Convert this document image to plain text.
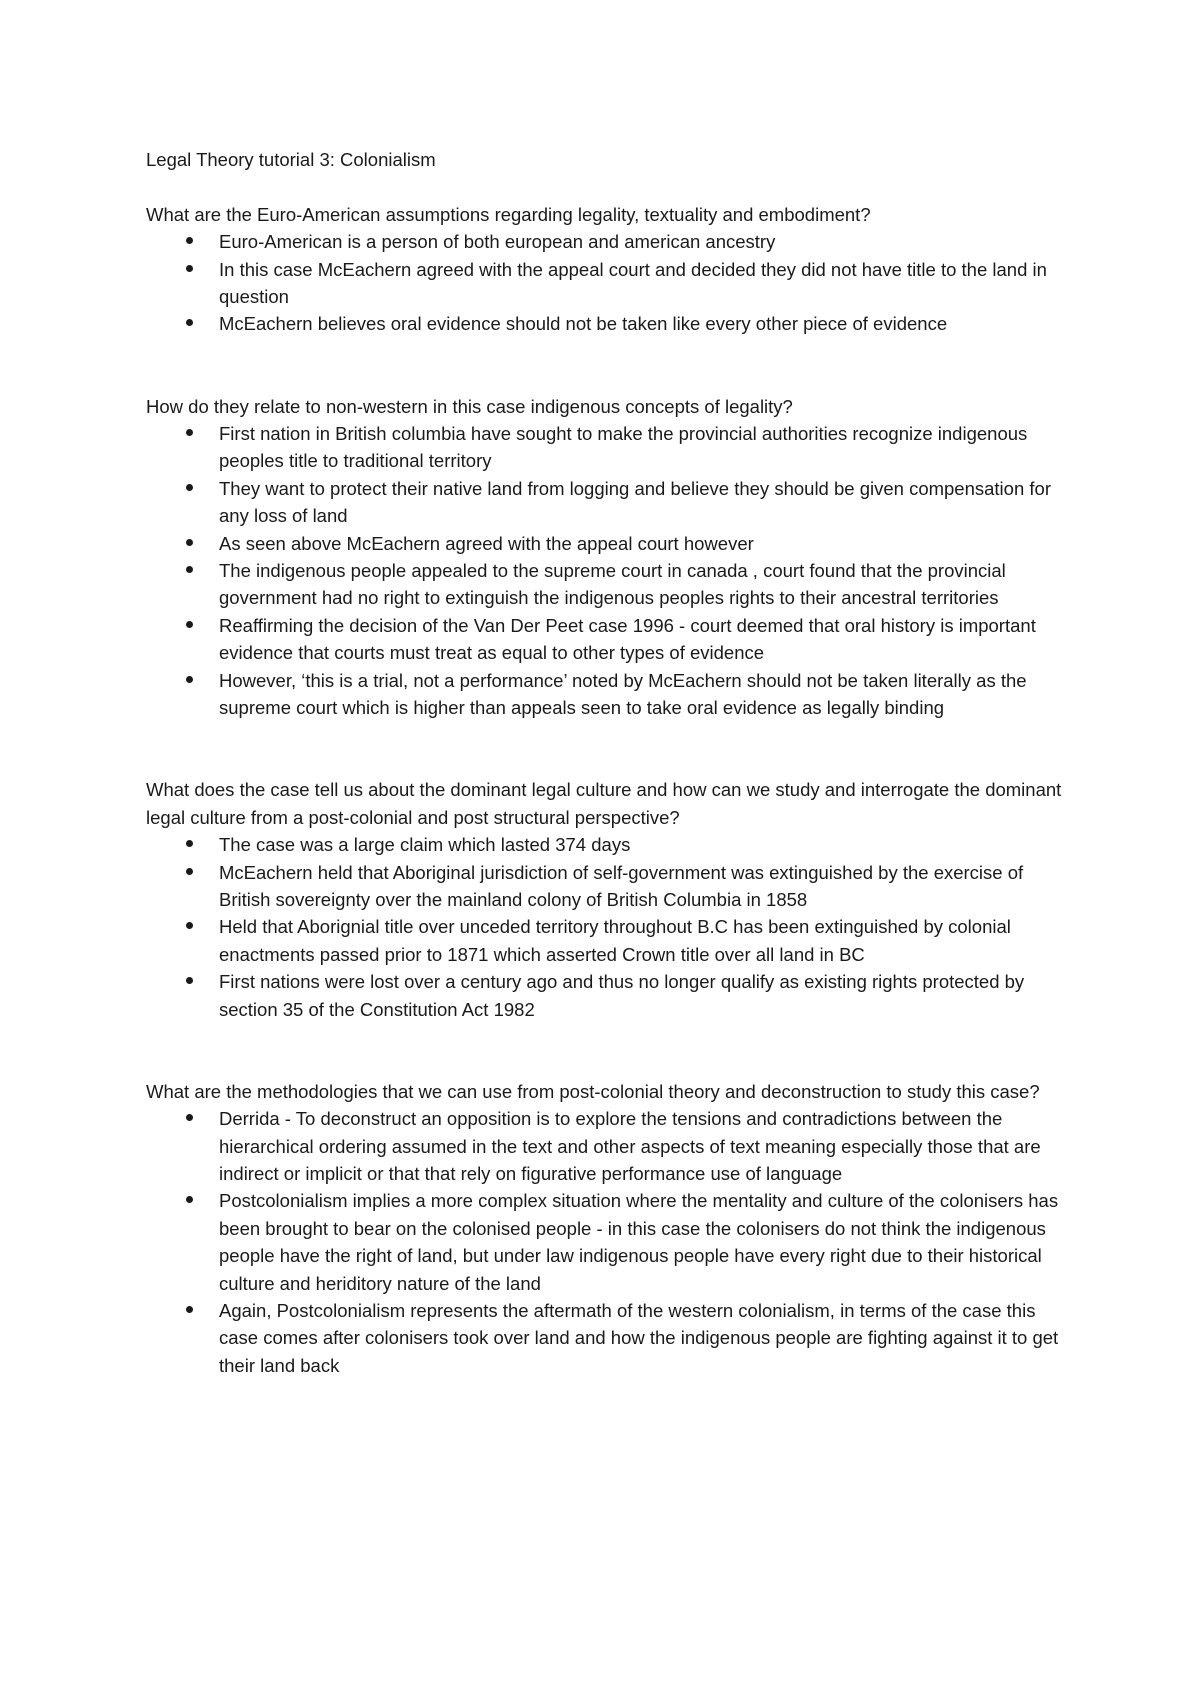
Legal Theory tutorial 3: Colonialism

What are the Euro-American assumptions regarding legality, textuality and embodiment?

Euro-American is a person of both european and american ancestry
In this case McEachern agreed with the appeal court and decided they did not have title to the land in question
McEachern believes oral evidence should not be taken like every other piece of evidence

How do they relate to non-western in this case indigenous concepts of legality?

First nation in British columbia have sought to make the provincial authorities recognize indigenous peoples title to traditional territory
They want to protect their native land from logging and believe they should be given compensation for any loss of land
As seen above McEachern agreed with the appeal court however
The indigenous people appealed to the supreme court in canada , court found that the provincial government had no right to extinguish the indigenous peoples rights to their ancestral territories
Reaffirming the decision of the Van Der Peet case 1996 - court deemed that oral history is important evidence that courts must treat as equal to other types of evidence
However, ‘this is a trial, not a performance’ noted by McEachern should not be taken literally as the supreme court which is higher than appeals seen to take oral evidence as legally binding

What does the case tell us about the dominant legal culture and how can we study and interrogate the dominant legal culture from a post-colonial and post structural perspective?

The case was a large claim which lasted 374 days
McEachern held that Aboriginal jurisdiction of self-government was extinguished by the exercise of British sovereignty over the mainland colony of British Columbia in 1858
Held that Aborignial title over unceded territory throughout B.C has been extinguished by colonial enactments passed prior to 1871 which asserted Crown title over all land in BC
First nations were lost over a century ago and thus no longer qualify as existing rights protected by section 35 of the Constitution Act 1982

What are the methodologies that we can use from post-colonial theory and deconstruction to study this case?

Derrida - To deconstruct an opposition is to explore the tensions and contradictions between the hierarchical ordering assumed in the text and other aspects of text meaning especially those that are indirect or implicit or that that rely on figurative performance use of language
Postcolonialism implies a more complex situation where the mentality and culture of the colonisers has been brought to bear on the colonised people - in this case the colonisers do not think the indigenous people have the right of land, but under law indigenous people have every right due to their historical culture and heriditory nature of the land
Again, Postcolonialism represents the aftermath of the western colonialism, in terms of the case this case comes after colonisers took over land and how the indigenous people are fighting against it to get their land back
